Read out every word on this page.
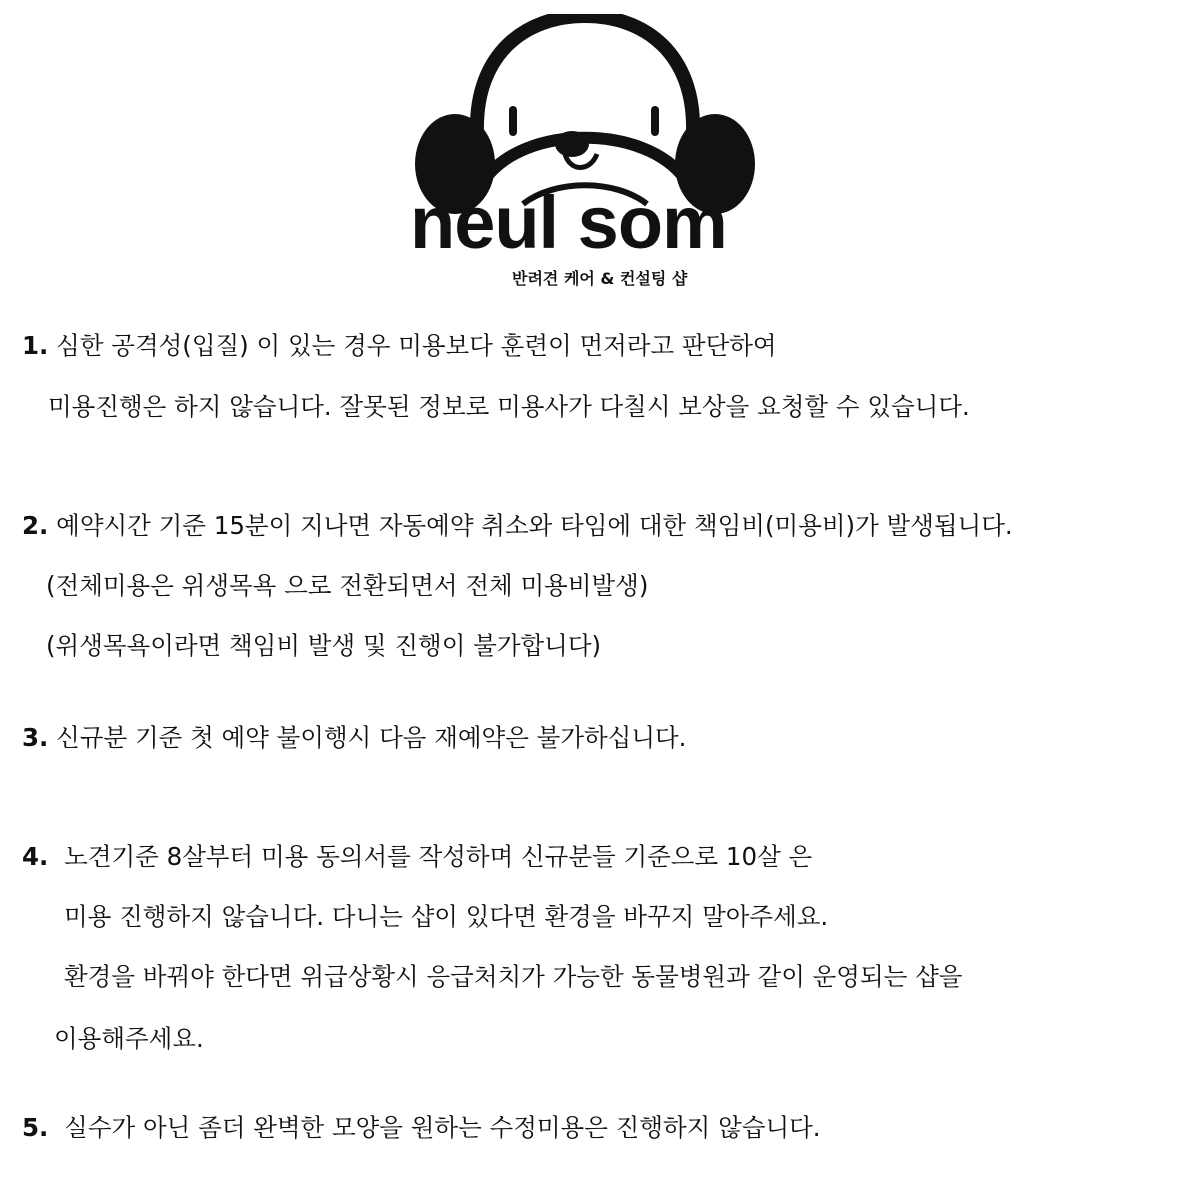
neul som
반려견 케어 & 컨설팅 샵
1. 심한 공격성(입질) 이 있는 경우 미용보다 훈련이 먼저라고 판단하여
미용진행은 하지 않습니다. 잘못된 정보로 미용사가 다칠시 보상을 요청할 수 있습니다.
2. 예약시간 기준 15분이 지나면 자동예약 취소와 타임에 대한 책임비(미용비)가 발생됩니다.
(전체미용은 위생목욕 으로 전환되면서 전체 미용비발생)
(위생목욕이라면 책임비 발생 및 진행이 불가합니다)
3. 신규분 기준 첫 예약 불이행시 다음 재예약은 불가하십니다.
4. 노견기준 8살부터 미용 동의서를 작성하며 신규분들 기준으로 10살 은
미용 진행하지 않습니다. 다니는 샵이 있다면 환경을 바꾸지 말아주세요.
환경을 바꿔야 한다면 위급상황시 응급처치가 가능한 동물병원과 같이 운영되는 샵을
이용해주세요.
5. 실수가 아닌 좀더 완벽한 모양을 원하는 수정미용은 진행하지 않습니다.
